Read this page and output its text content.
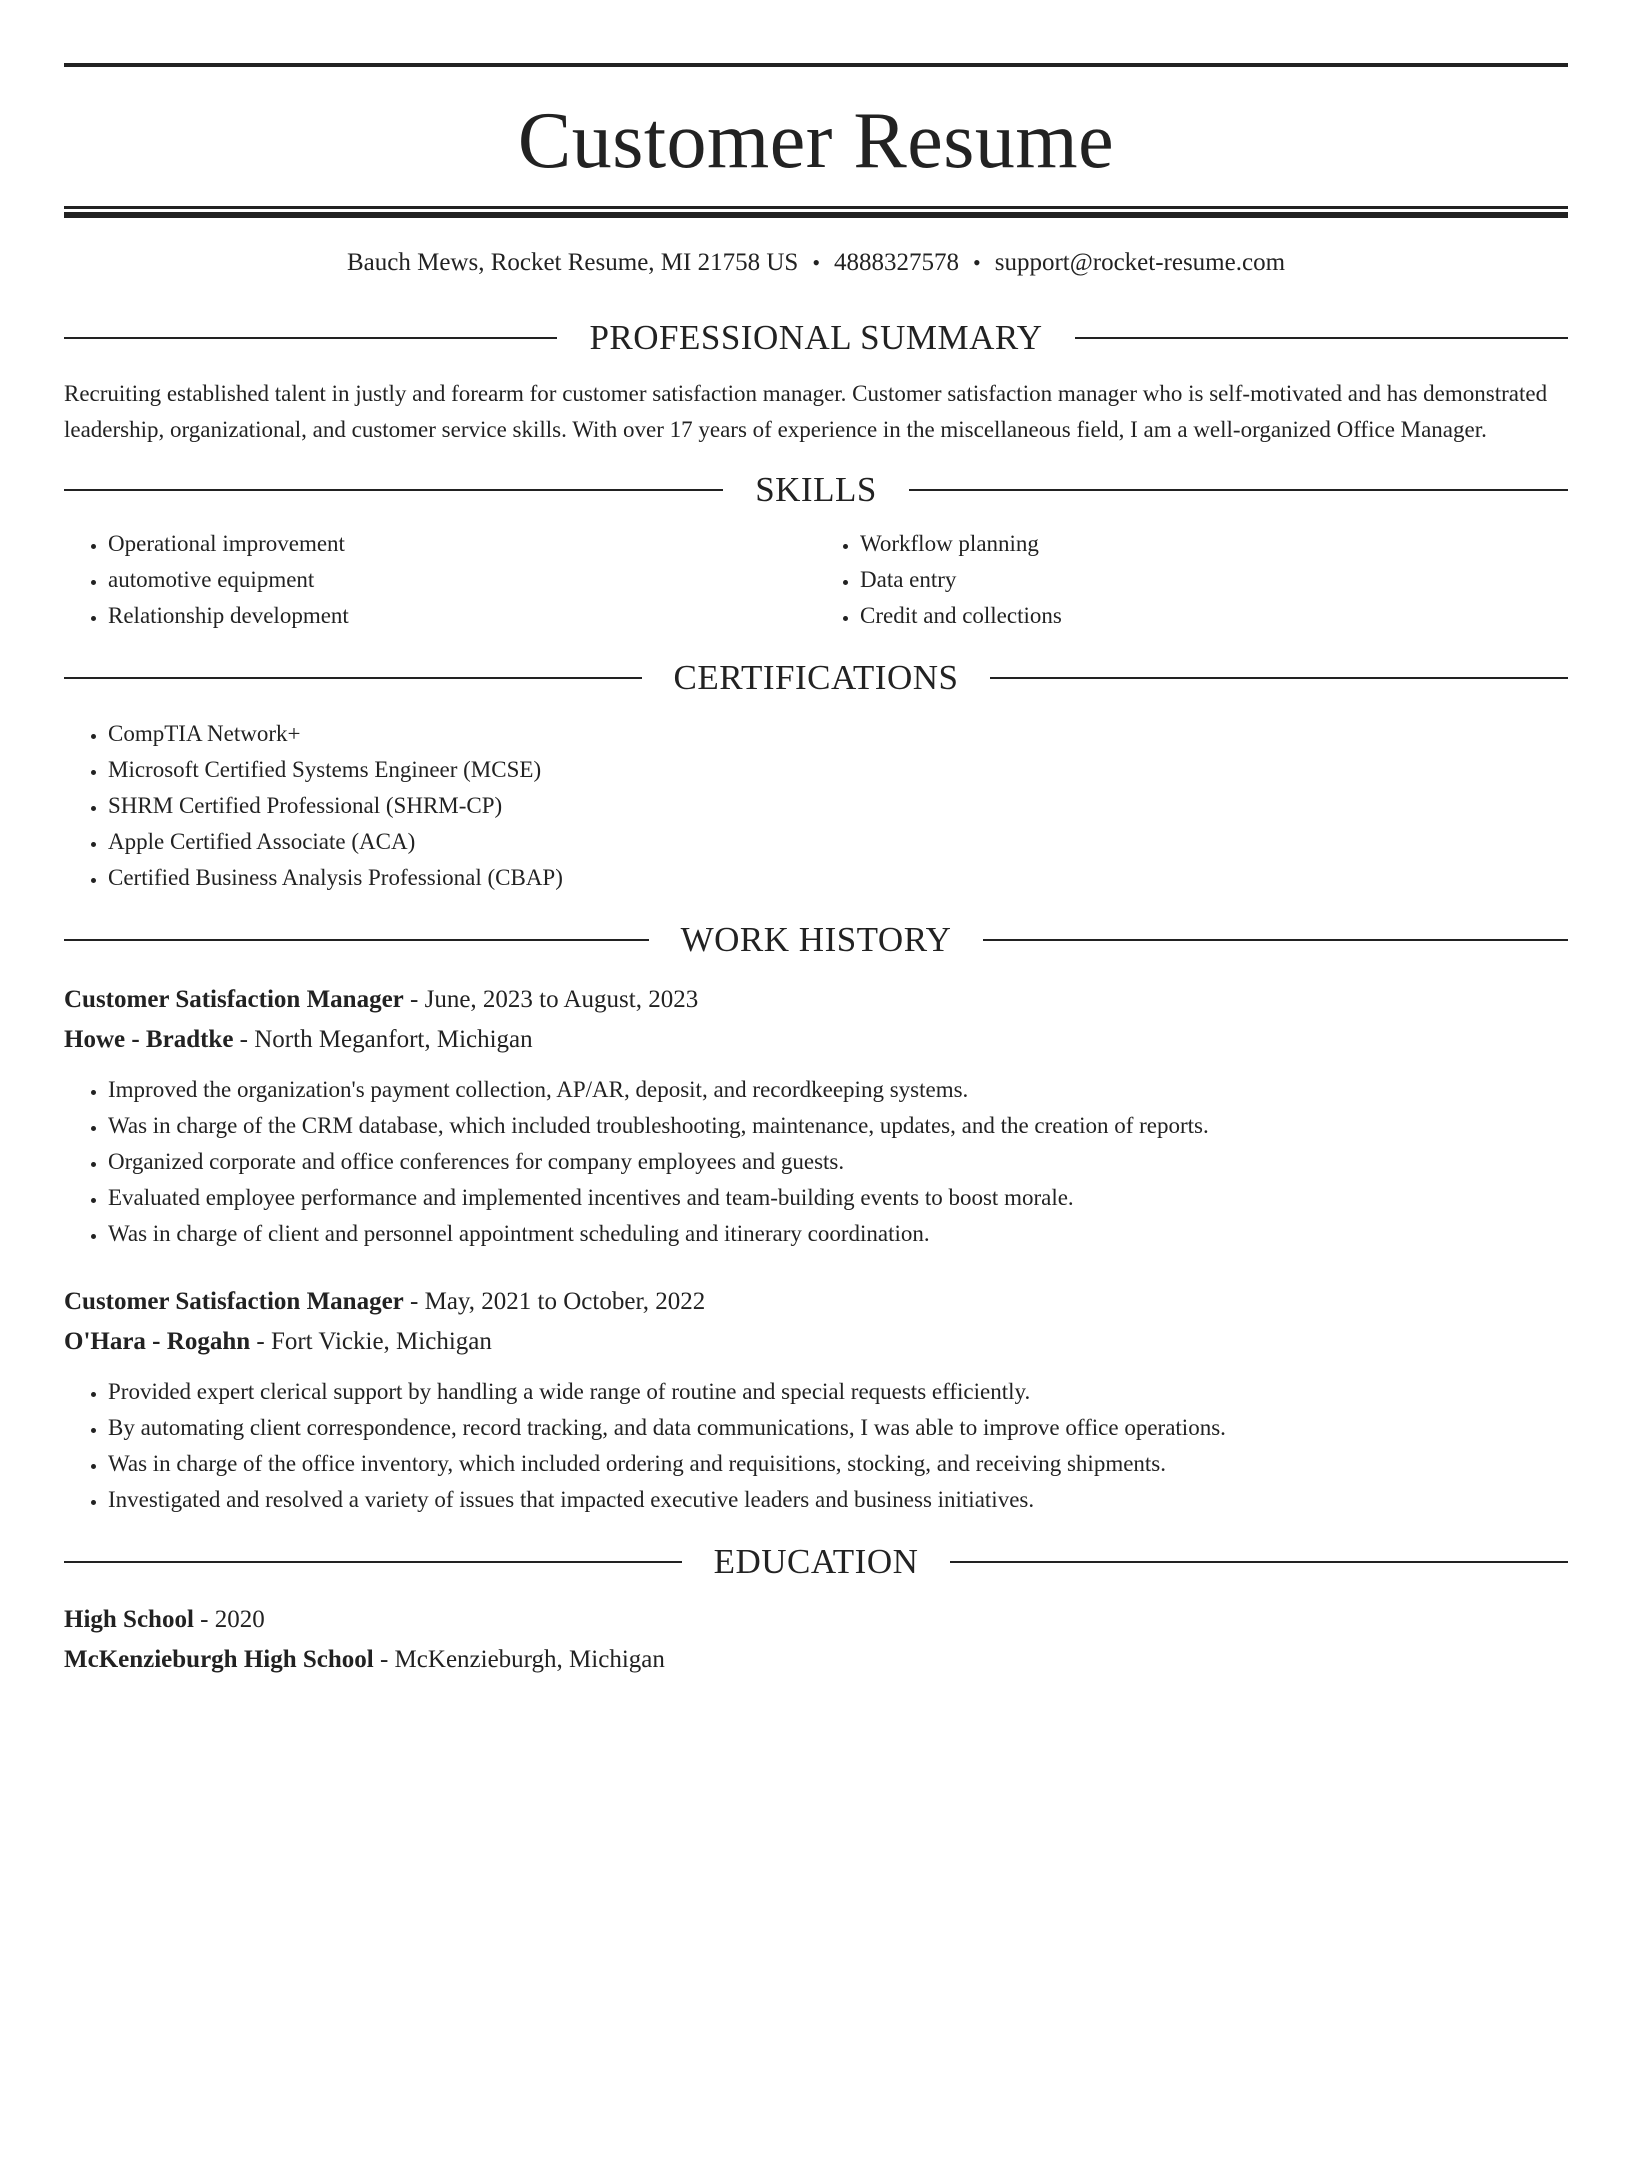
Customer Resume
Bauch Mews, Rocket Resume, MI 21758 US • 4888327578 • support@rocket-resume.com
PROFESSIONAL SUMMARY
Recruiting established talent in justly and forearm for customer satisfaction manager. Customer satisfaction manager who is self-motivated and has demonstrated leadership, organizational, and customer service skills. With over 17 years of experience in the miscellaneous field, I am a well-organized Office Manager.
SKILLS
• Operational improvement
• automotive equipment
• Relationship development
• Workflow planning
• Data entry
• Credit and collections
CERTIFICATIONS
• CompTIA Network+
• Microsoft Certified Systems Engineer (MCSE)
• SHRM Certified Professional (SHRM-CP)
• Apple Certified Associate (ACA)
• Certified Business Analysis Professional (CBAP)
WORK HISTORY
Customer Satisfaction Manager - June, 2023 to August, 2023
Howe - Bradtke - North Meganfort, Michigan
• Improved the organization's payment collection, AP/AR, deposit, and recordkeeping systems.
• Was in charge of the CRM database, which included troubleshooting, maintenance, updates, and the creation of reports.
• Organized corporate and office conferences for company employees and guests.
• Evaluated employee performance and implemented incentives and team-building events to boost morale.
• Was in charge of client and personnel appointment scheduling and itinerary coordination.
Customer Satisfaction Manager - May, 2021 to October, 2022
O'Hara - Rogahn - Fort Vickie, Michigan
• Provided expert clerical support by handling a wide range of routine and special requests efficiently.
• By automating client correspondence, record tracking, and data communications, I was able to improve office operations.
• Was in charge of the office inventory, which included ordering and requisitions, stocking, and receiving shipments.
• Investigated and resolved a variety of issues that impacted executive leaders and business initiatives.
EDUCATION
High School - 2020
McKenzieburgh High School - McKenzieburgh, Michigan
